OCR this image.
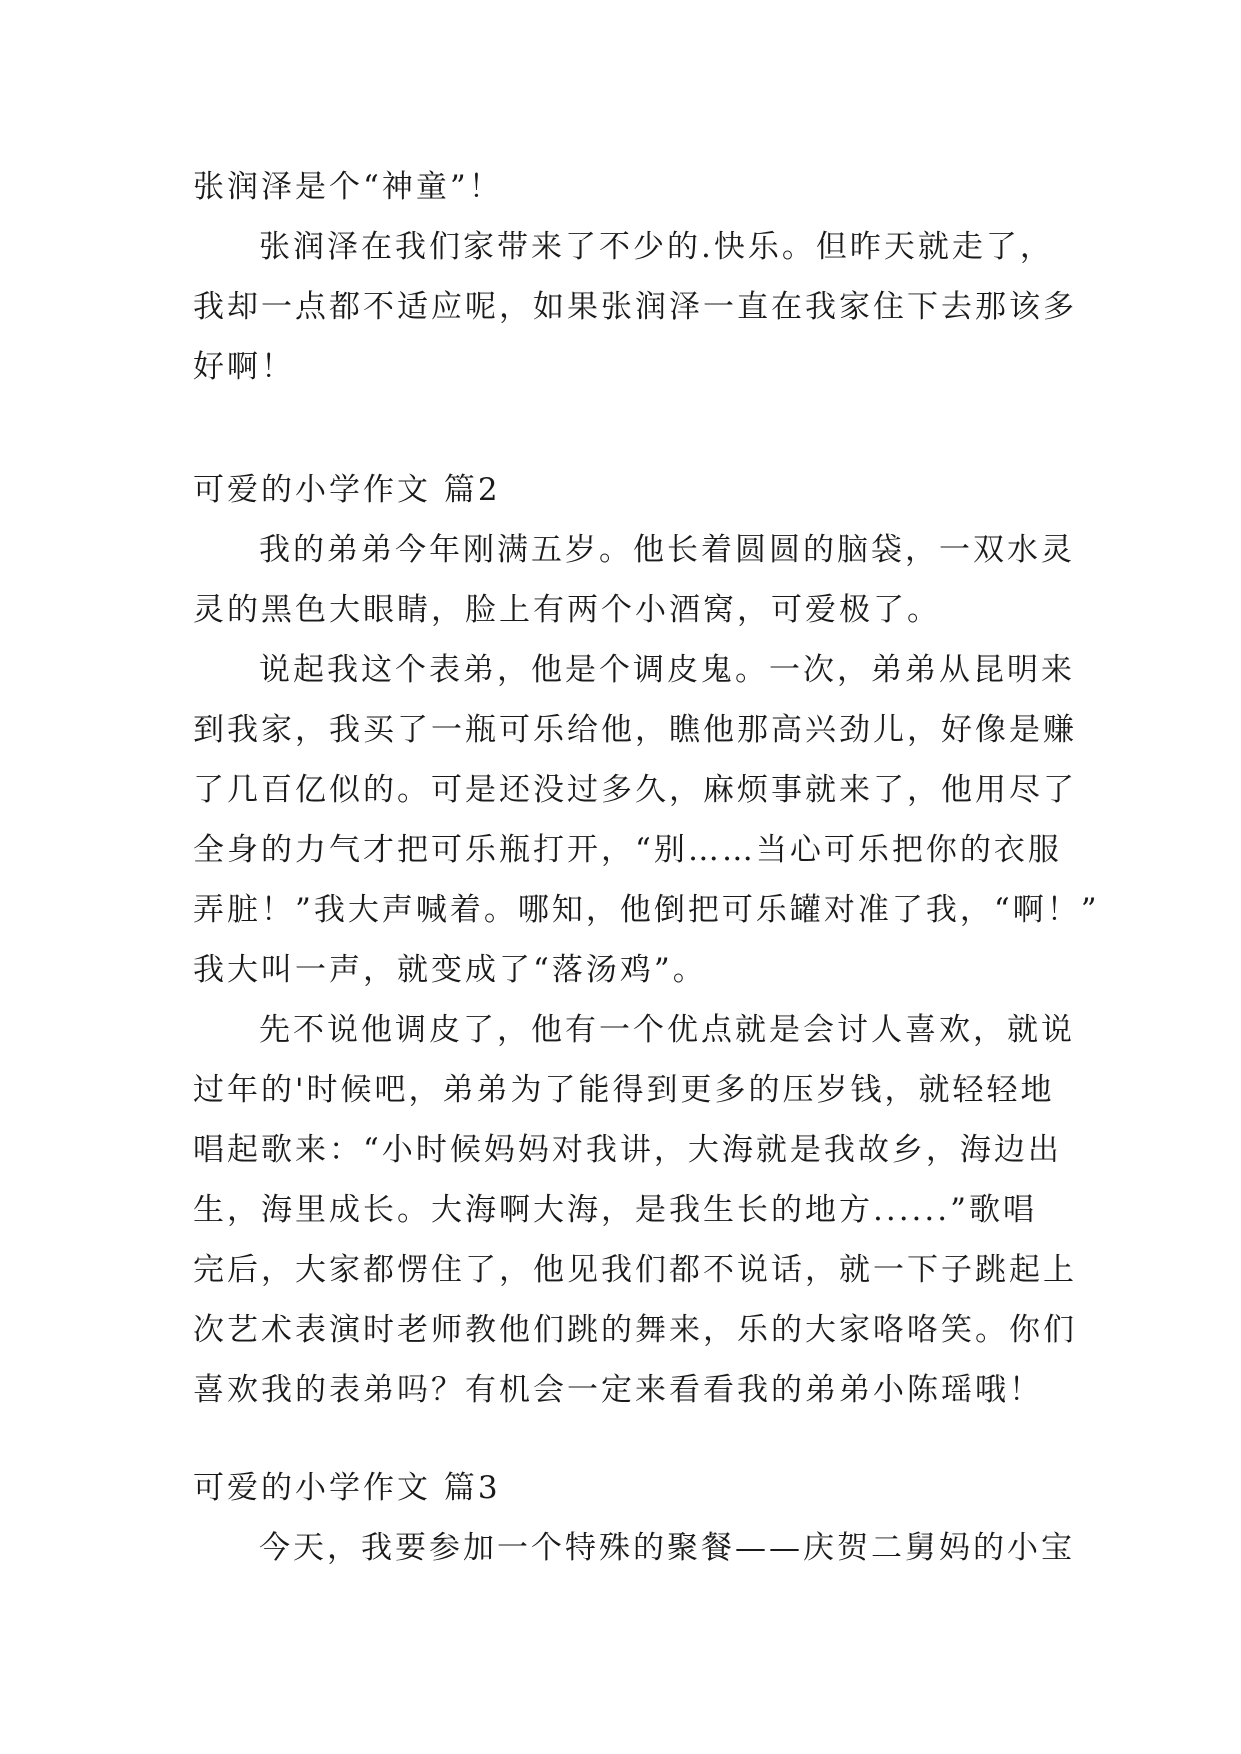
张润泽是个“神童”！
张润泽在我们家带来了不少的.快乐。但昨天就走了，
我却一点都不适应呢，如果张润泽一直在我家住下去那该多
好啊！
可爱的小学作文 篇2
我的弟弟今年刚满五岁。他长着圆圆的脑袋，一双水灵
灵的黑色大眼睛，脸上有两个小酒窝，可爱极了。
说起我这个表弟，他是个调皮鬼。一次，弟弟从昆明来
到我家，我买了一瓶可乐给他，瞧他那高兴劲儿，好像是赚
了几百亿似的。可是还没过多久，麻烦事就来了，他用尽了
全身的力气才把可乐瓶打开，“别……当心可乐把你的衣服
弄脏！”我大声喊着。哪知，他倒把可乐罐对准了我，“啊！”
我大叫一声，就变成了“落汤鸡”。
先不说他调皮了，他有一个优点就是会讨人喜欢，就说
过年的'时候吧，弟弟为了能得到更多的压岁钱，就轻轻地
唱起歌来：“小时候妈妈对我讲，大海就是我故乡，海边出
生，海里成长。大海啊大海，是我生长的地方......”歌唱
完后，大家都愣住了，他见我们都不说话，就一下子跳起上
次艺术表演时老师教他们跳的舞来，乐的大家咯咯笑。你们
喜欢我的表弟吗？有机会一定来看看我的弟弟小陈瑶哦！
可爱的小学作文 篇3
今天，我要参加一个特殊的聚餐——庆贺二舅妈的小宝
